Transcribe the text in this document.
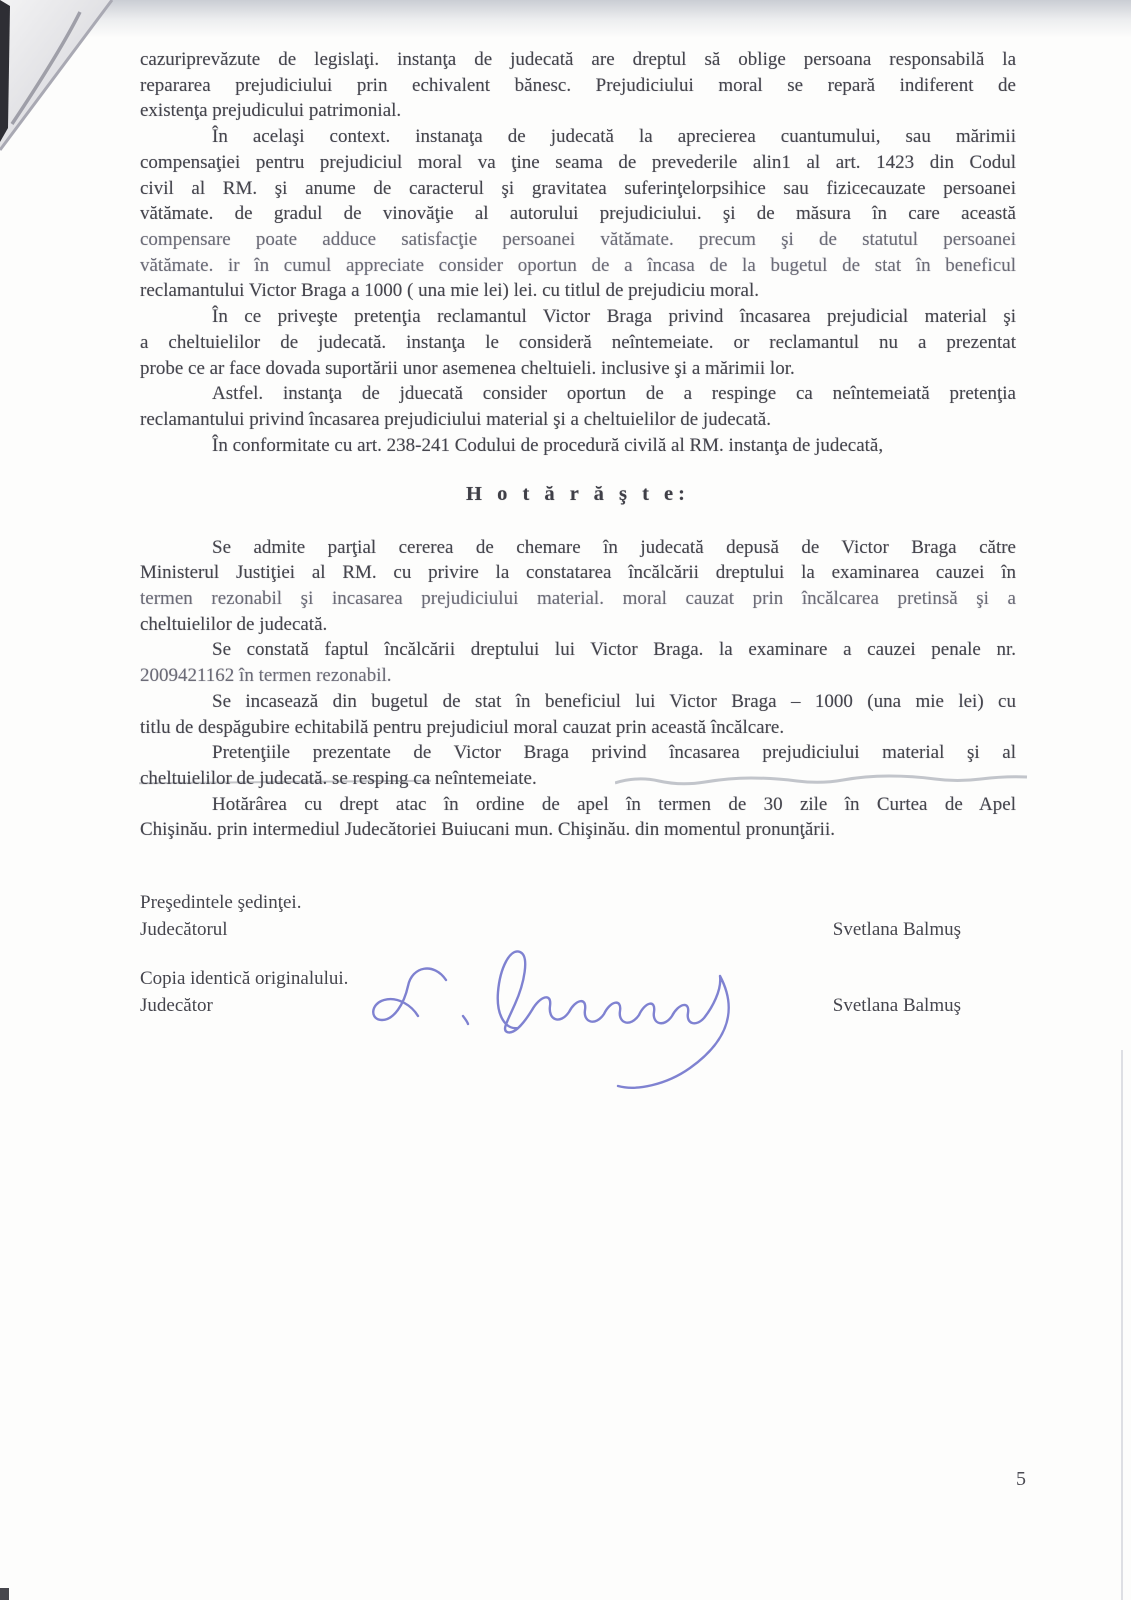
cazuriprevăzute de legislaţi. instanţa de judecată are dreptul să oblige persoana responsabilă la
repararea prejudiciului prin echivalent bănesc. Prejudiciului moral se repară indiferent de
existenţa prejudicului patrimonial.
În acelaşi context. instanaţa de judecată la aprecierea cuantumului, sau mărimii
compensaţiei pentru prejudiciul moral va ţine seama de prevederile alin1 al art. 1423 din Codul
civil al RM. şi anume de caracterul şi gravitatea suferinţelorpsihice sau fizicecauzate persoanei
vătămate. de gradul de vinovăţie al autorului prejudiciului. şi de măsura în care această
compensare poate adduce satisfacţie persoanei vătămate. precum şi de statutul persoanei
vătămate. ir în cumul appreciate consider oportun de a încasa de la bugetul de stat în beneficul
reclamantului Victor Braga a 1000 ( una mie lei) lei. cu titlul de prejudiciu moral.
În ce priveşte pretenţia reclamantul Victor Braga privind încasarea prejudicial material şi
a cheltuielilor de judecată. instanţa le consideră neîntemeiate. or reclamantul nu a prezentat
probe ce ar face dovada suportării unor asemenea cheltuieli. inclusive şi a mărimii lor.
Astfel. instanţa de jduecată consider oportun de a respinge ca neîntemeiată pretenţia
reclamantului privind încasarea prejudiciului material şi a cheltuielilor de judecată.
În conformitate cu art. 238-241 Codului de procedură civilă al RM. instanţa de judecată,
H o t ă r ă ş t e:
Se admite parţial cererea de chemare în judecată depusă de Victor Braga către
Ministerul Justiţiei al RM. cu privire la constatarea încălcării dreptului la examinarea cauzei în
termen rezonabil şi incasarea prejudiciului material. moral cauzat prin încălcarea pretinsă şi a
cheltuielilor de judecată.
Se constată faptul încălcării dreptului lui Victor Braga. la examinare a cauzei penale nr.
2009421162 în termen rezonabil.
Se incasează din bugetul de stat în beneficiul lui Victor Braga – 1000 (una mie lei) cu
titlu de despăgubire echitabilă pentru prejudiciul moral cauzat prin această încălcare.
Pretenţiile prezentate de Victor Braga privind încasarea prejudiciului material şi al
cheltuielilor de judecată. se resping ca neîntemeiate.
Hotărârea cu drept atac în ordine de apel în termen de 30 zile în Curtea de Apel
Chişinău. prin intermediul Judecătoriei Buiucani mun. Chişinău. din momentul pronunţării.
Preşedintele şedinţei.
Judecătorul	Svetlana Balmuş
Copia identică originalului.
Judecător	Svetlana Balmuş
5
